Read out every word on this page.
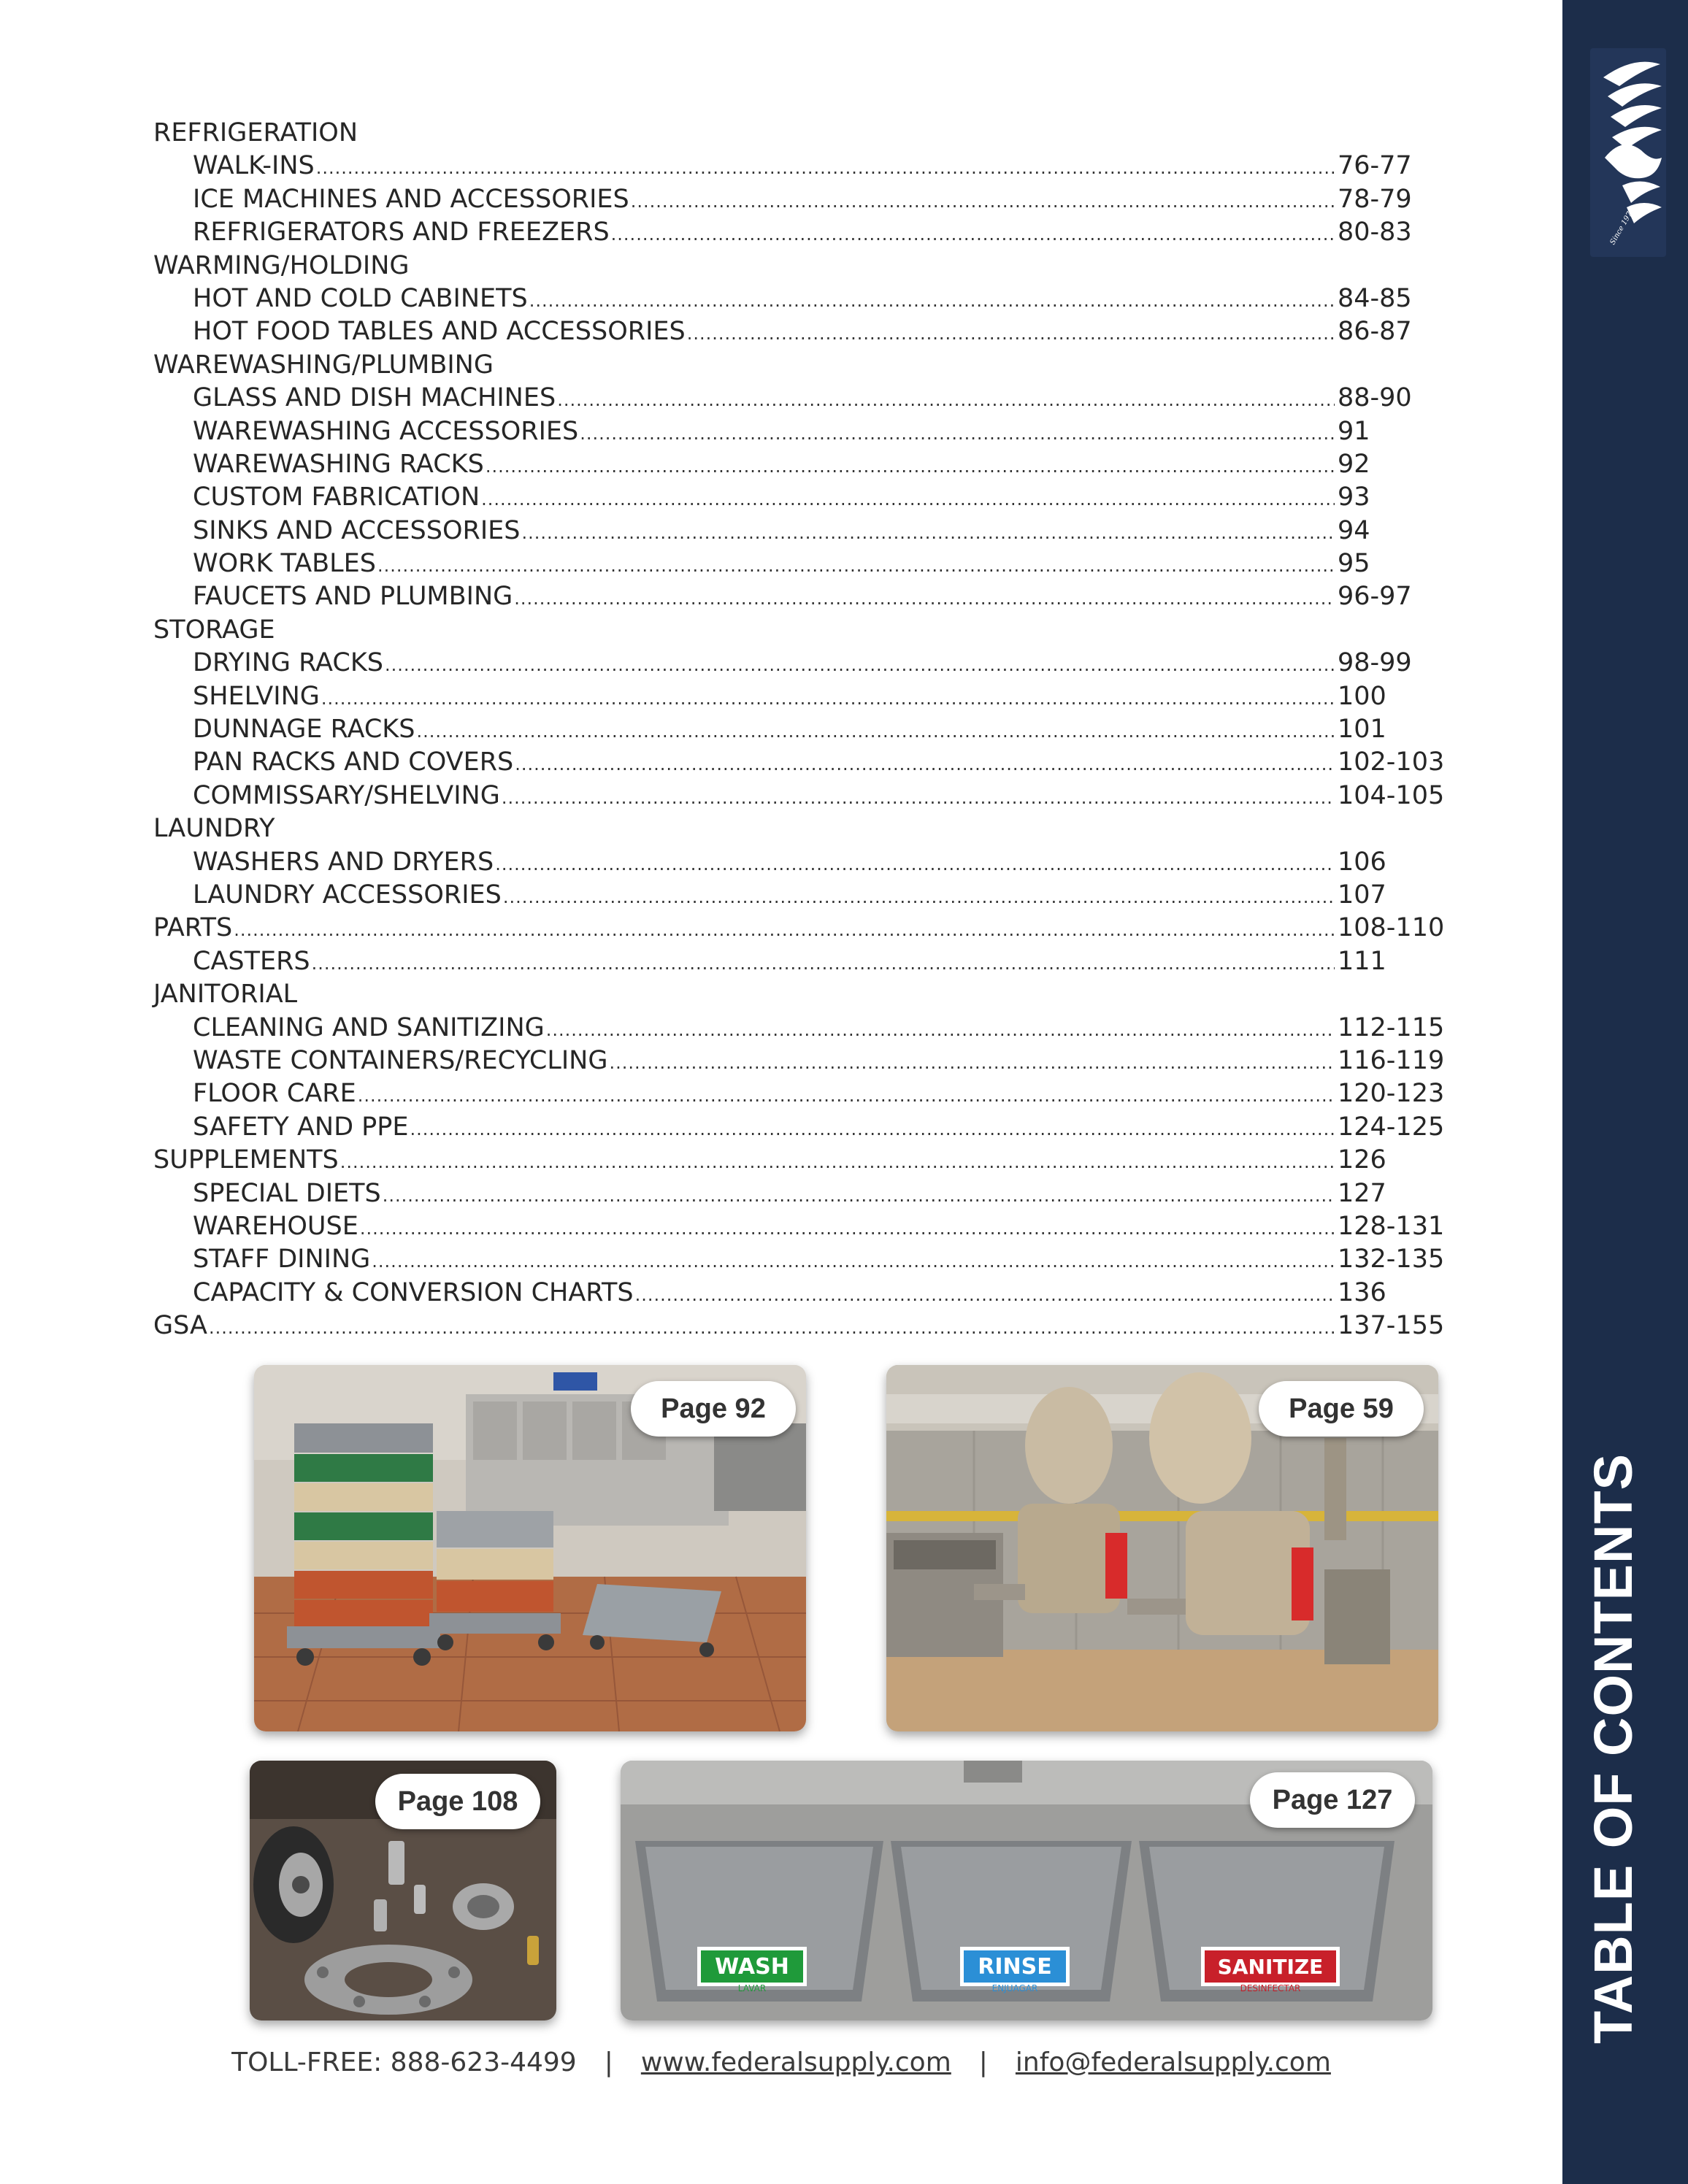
Since 1978
TABLE OF CONTENTS
REFRIGERATION
WALK-INS .....	76-77
ICE MACHINES AND ACCESSORIES .....	78-79
REFRIGERATORS AND FREEZERS .....	80-83
WARMING/HOLDING
HOT AND COLD CABINETS .....	84-85
HOT FOOD TABLES AND ACCESSORIES .....	86-87
WAREWASHING/PLUMBING
GLASS AND DISH MACHINES .....	88-90
WAREWASHING ACCESSORIES .....	91
WAREWASHING RACKS .....	92
CUSTOM FABRICATION .....	93
SINKS AND ACCESSORIES .....	94
WORK TABLES .....	95
FAUCETS AND PLUMBING .....	96-97
STORAGE
DRYING RACKS .....	98-99
SHELVING .....	100
DUNNAGE RACKS .....	101
PAN RACKS AND COVERS .....	102-103
COMMISSARY/SHELVING .....	104-105
LAUNDRY
WASHERS AND DRYERS .....	106
LAUNDRY ACCESSORIES .....	107
PARTS .....	108-110
CASTERS .....	111
JANITORIAL
CLEANING AND SANITIZING .....	112-115
WASTE CONTAINERS/RECYCLING .....	116-119
FLOOR CARE .....	120-123
SAFETY AND PPE .....	124-125
SUPPLEMENTS .....	126
SPECIAL DIETS .....	127
WAREHOUSE .....	128-131
STAFF DINING .....	132-135
CAPACITY & CONVERSION CHARTS .....	136
GSA .....	137-155
Page 92	Page 59
Page 108
WASH
LAVAR
RINSE
ENJUAGAR
SANITIZE
DESINFECTAR
Page 127
TOLL-FREE: 888-623-4499 | www.federalsupply.com | info@federalsupply.com
